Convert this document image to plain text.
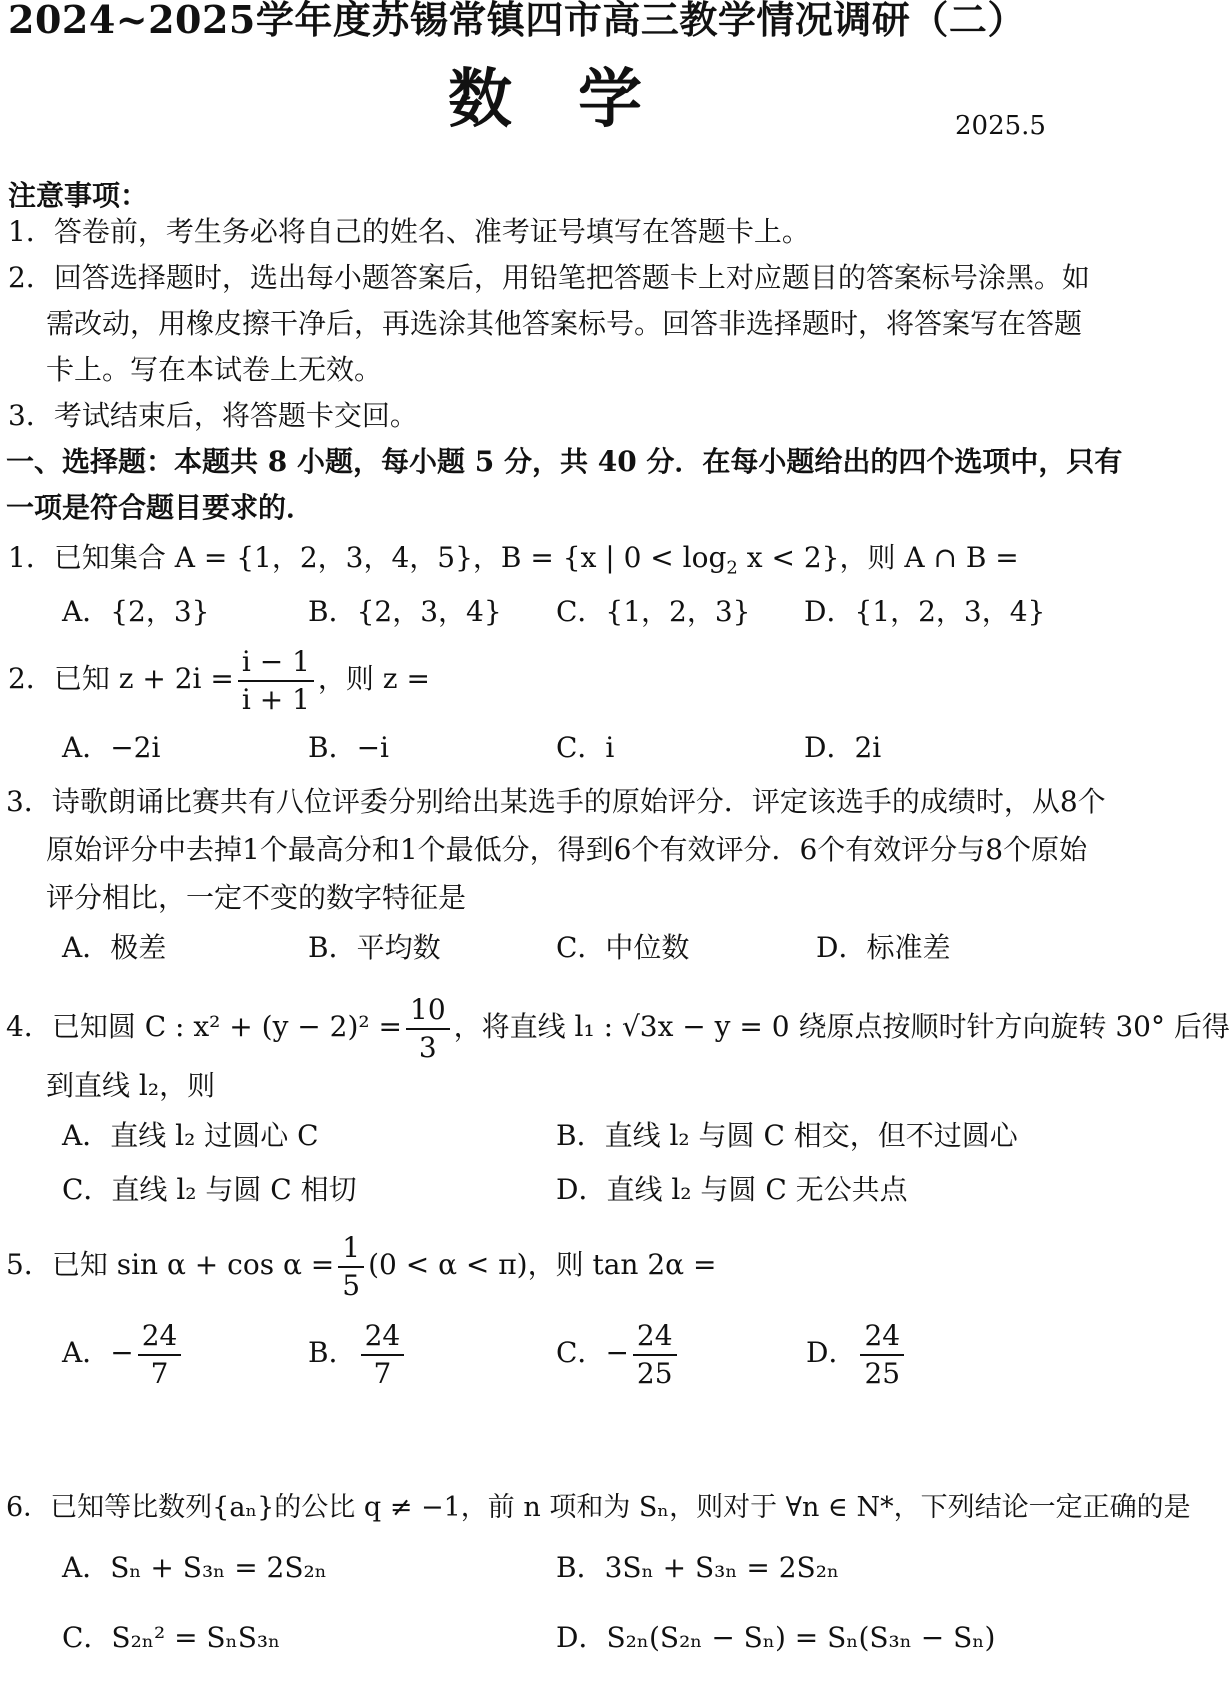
2024~2025学年度苏锡常镇四市高三教学情况调研（二）
数学	2025.5
注意事项：
1．答卷前，考生务必将自己的姓名、准考证号填写在答题卡上。
2．回答选择题时，选出每小题答案后，用铅笔把答题卡上对应题目的答案标号涂黑。如
需改动，用橡皮擦干净后，再选涂其他答案标号。回答非选择题时，将答案写在答题
卡上。写在本试卷上无效。
3．考试结束后，将答题卡交回。
一、选择题：本题共 8 小题，每小题 5 分，共 40 分．在每小题给出的四个选项中，只有
一项是符合题目要求的．
1．已知集合 A = {1，2，3，4，5}，B = {x | $0 < \log_2 x < 2$}，则 A ∩ B =
A．{2，3}	B．{2，3，4} C．{1，2，3} D．{1，2，3，4}
2．已知 $z + 2i = \frac{i - 1}{i + 1}$ ，则 z =
A．−2i	B．−i	C．i	D．2i
3．诗歌朗诵比赛共有八位评委分别给出某选手的原始评分．评定该选手的成绩时，从8个
原始评分中去掉1个最高分和1个最低分，得到6个有效评分．6个有效评分与8个原始
评分相比，一定不变的数字特征是
A．极差	B．平均数	C．中位数	D．标准差
4．已知圆 C : $x^2 + (y - 2)^2 = \frac{10}{3}$ ，将直线 l₁ : √3x − y = 0 绕原点按顺时针方向旋转 30° 后得
到直线 l₂，则
A．直线 l₂ 过圆心 C	B．直线 l₂ 与圆 C 相交，但不过圆心
C．直线 l₂ 与圆 C 相切	D．直线 l₂ 与圆 C 无公共点
5．已知 $\sin \alpha + \cos \alpha = \frac{1}{5} (0 < \alpha < \pi)$，则 tan 2α =
A．− $\frac{24}{7}$	B． $\frac{24}{7}$	C．− $\frac{24}{25}$	D． $\frac{24}{25}$
6．已知等比数列{aₙ}的公比 q ≠ −1，前 n 项和为 Sₙ，则对于 ∀n ∈ N*，下列结论一定正确的是
A．Sₙ + S₃ₙ = 2S₂ₙ	B．3Sₙ + S₃ₙ = 2S₂ₙ
C．S₂ₙ² = SₙS₃ₙ	D．S₂ₙ(S₂ₙ − Sₙ) = Sₙ(S₃ₙ − Sₙ)
